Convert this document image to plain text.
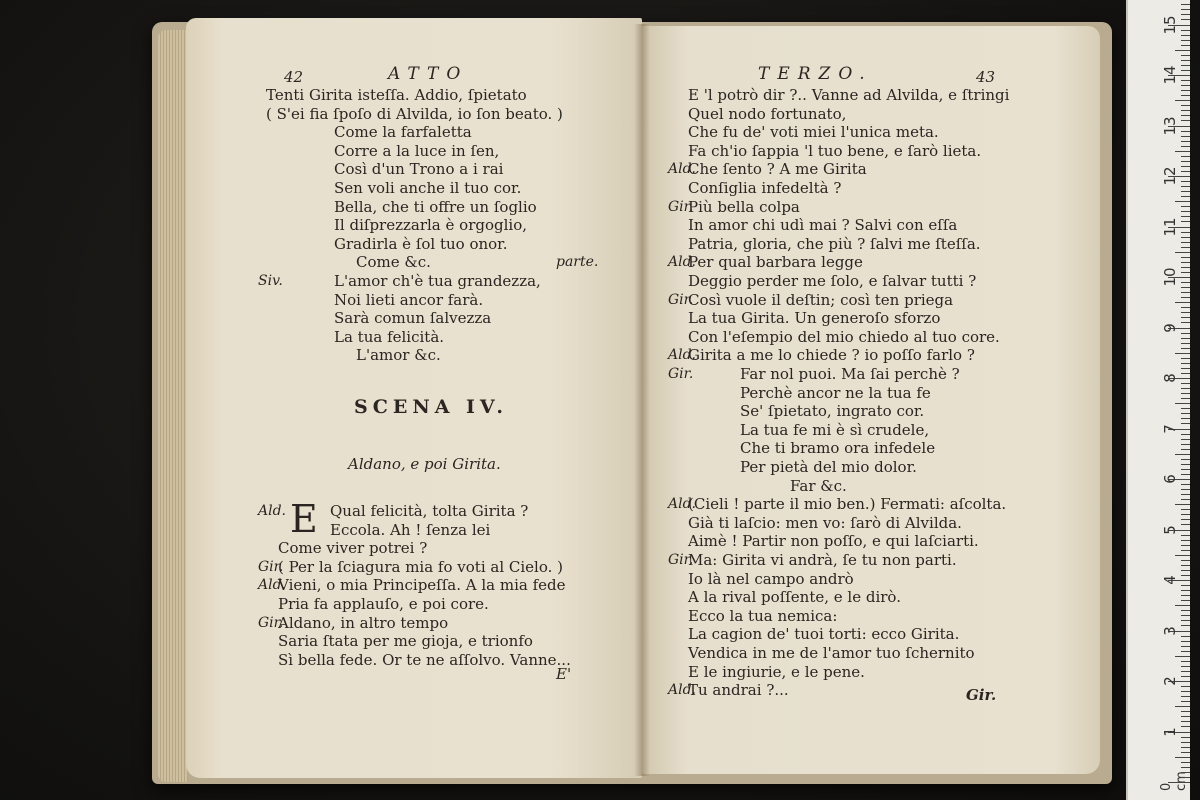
42	ATTO
Tenti Girita isteſſa. Addio, ſpietato
( S'ei fia ſpoſo di Alvilda, io ſon beato. )
Come la farfaletta
Corre a la luce in ſen,
Così d'un Trono a i rai
Sen voli anche il tuo cor.
Bella, che ti offre un ſoglio
Il diſprezzarla è orgoglio,
Gradirla è ſol tuo onor.
Come &c.	parte.
Siv.	L'amor ch'è tua grandezza,
Noi lieti ancor farà.
Sarà comun ſalvezza
La tua felicità.
L'amor &c.
SCENA IV.
Aldano, e poi Girita.
E
Ald.	Qual felicità, tolta Girita ?
Eccola. Ah ! ſenza lei
Come viver potrei ?
Gir.
( Per la ſciagura mia fo voti al Cielo. )
Ald.
Vieni, o mia Principeſſa. A la mia fede
Pria fa applauſo, e poi core.
Gir.
Aldano, in altro tempo
Saria ſtata per me gioja, e trionfo
Sì bella fede. Or te ne aſſolvo. Vanne...
E'
TERZO.	43
E 'l potrò dir ?.. Vanne ad Alvilda, e ſtringi
Quel nodo fortunato,
Che fu de' voti miei l'unica meta.
Fa ch'io ſappia 'l tuo bene, e ſarò lieta.
Ald.
Che ſento ? A me Girita
Conſiglia infedeltà ?
Gir.
Più bella colpa
In amor chi udì mai ? Salvi con eſſa
Patria, gloria, che più ? ſalvi me ſteſſa.
Ald.
Per qual barbara legge
Deggio perder me ſolo, e ſalvar tutti ?
Gir.
Così vuole il deſtin; così ten priega
La tua Girita. Un generoſo sforzo
Con l'eſempio del mio chiedo al tuo core.
Ald.
Girita a me lo chiede ? io poſſo farlo ?
Gir.	Far nol puoi. Ma ſai perchè ?
Perchè ancor ne la tua fe
Se' ſpietato, ingrato cor.
La tua fe mi è sì crudele,
Che ti bramo ora infedele
Per pietà del mio dolor.
Far &c.
Ald.
(Cieli ! parte il mio ben.) Fermati: aſcolta.
Già ti laſcio: men vo: ſarò di Alvilda.
Aimè ! Partir non poſſo, e qui laſciarti.
Gir.
Ma: Girita vi andrà, ſe tu non parti.
Io là nel campo andrò
A la rival poſſente, e le dirò.
Ecco la tua nemica:
La cagion de' tuoi torti: ecco Girita.
Vendica in me de l'amor tuo ſchernito
E le ingiurie, e le pene.
Ald.
Tu andrai ?...	Gir.
0
15
14
13
12
11
10
9
8
7
6
5
4
3
2
1
